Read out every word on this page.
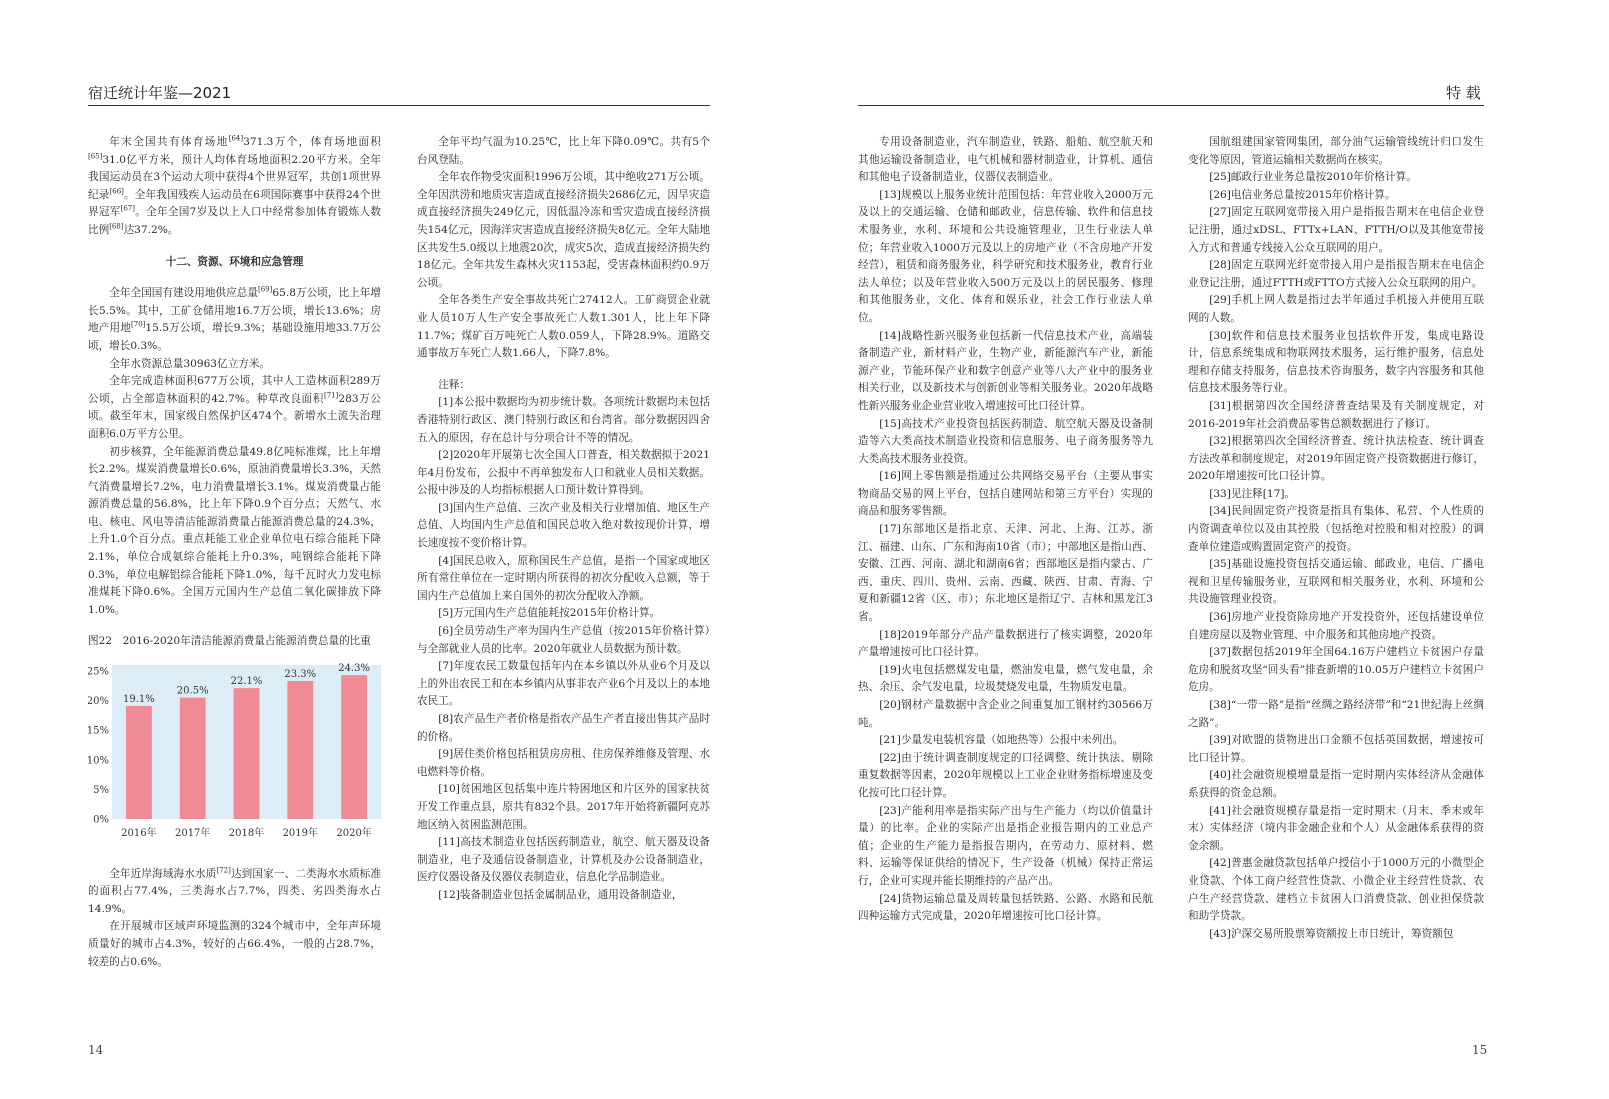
宿迁统计年鉴—2021	特 载

年末全国共有体育场地[64]371.3万个，体育场地面积[65]31.0亿平方米，预计人均体育场地面积2.20平方米。全年我国运动员在3个运动大项中获得4个世界冠军，共创1项世界纪录[66]。全年我国残疾人运动员在6项国际赛事中获得24个世界冠军[67]。全年全国7岁及以上人口中经常参加体育锻炼人数比例[68]达37.2%。

十二、资源、环境和应急管理

全年全国国有建设用地供应总量[69]65.8万公顷，比上年增长5.5%。其中，工矿仓储用地16.7万公顷，增长13.6%；房地产用地[70]15.5万公顷，增长9.3%；基础设施用地33.7万公顷，增长0.3%。

全年水资源总量30963亿立方米。

全年完成造林面积677万公顷，其中人工造林面积289万公顷，占全部造林面积的42.7%。种草改良面积[71]283万公顷。截至年末，国家级自然保护区474个。新增水土流失治理面积6.0万平方公里。

初步核算，全年能源消费总量49.8亿吨标准煤，比上年增长2.2%。煤炭消费量增长0.6%，原油消费量增长3.3%，天然气消费量增长7.2%，电力消费量增长3.1%。煤炭消费量占能源消费总量的56.8%，比上年下降0.9个百分点；天然气、水电、核电、风电等清洁能源消费量占能源消费总量的24.3%，上升1.0个百分点。重点耗能工业企业单位电石综合能耗下降2.1%，单位合成氨综合能耗上升0.3%，吨钢综合能耗下降0.3%，单位电解铝综合能耗下降1.0%，每千瓦时火力发电标准煤耗下降0.6%。全国万元国内生产总值二氧化碳排放下降1.0%。

图22　2016-2020年清洁能源消费量占能源消费总量的比重

0%
5%
10%
15%
20%
25%
19.1%
2016年
20.5%
2017年
22.1%
2018年
23.3%
2019年
24.3%
2020年

全年近岸海域海水水质[72]达到国家一、二类海水水质标准的面积占77.4%，三类海水占7.7%，四类、劣四类海水占14.9%。

在开展城市区域声环境监测的324个城市中，全年声环境质量好的城市占4.3%，较好的占66.4%，一般的占28.7%，较差的占0.6%。

全年平均气温为10.25℃，比上年下降0.09℃。共有5个台风登陆。

全年农作物受灾面积1996万公顷，其中绝收271万公顷。全年因洪涝和地质灾害造成直接经济损失2686亿元，因旱灾造成直接经济损失249亿元，因低温冷冻和雪灾造成直接经济损失154亿元，因海洋灾害造成直接经济损失8亿元。全年大陆地区共发生5.0级以上地震20次，成灾5次，造成直接经济损失约18亿元。全年共发生森林火灾1153起，受害森林面积约0.9万公顷。

全年各类生产安全事故共死亡27412人。工矿商贸企业就业人员10万人生产安全事故死亡人数1.301人，比上年下降11.7%；煤矿百万吨死亡人数0.059人，下降28.9%。道路交通事故万车死亡人数1.66人，下降7.8%。

注释：

[1]本公报中数据均为初步统计数。各项统计数据均未包括香港特别行政区、澳门特别行政区和台湾省。部分数据因四舍五入的原因，存在总计与分项合计不等的情况。

[2]2020年开展第七次全国人口普查，相关数据拟于2021年4月份发布，公报中不再单独发布人口和就业人员相关数据。公报中涉及的人均指标根据人口预计数计算得到。

[3]国内生产总值、三次产业及相关行业增加值、地区生产总值、人均国内生产总值和国民总收入绝对数按现价计算，增长速度按不变价格计算。

[4]国民总收入，原称国民生产总值，是指一个国家或地区所有常住单位在一定时期内所获得的初次分配收入总额，等于国内生产总值加上来自国外的初次分配收入净额。

[5]万元国内生产总值能耗按2015年价格计算。

[6]全员劳动生产率为国内生产总值（按2015年价格计算）与全部就业人员的比率。2020年就业人员数据为预计数。

[7]年度农民工数量包括年内在本乡镇以外从业6个月及以上的外出农民工和在本乡镇内从事非农产业6个月及以上的本地农民工。

[8]农产品生产者价格是指农产品生产者直接出售其产品时的价格。

[9]居住类价格包括租赁房房租、住房保养维修及管理、水电燃料等价格。

[10]贫困地区包括集中连片特困地区和片区外的国家扶贫开发工作重点县，原共有832个县。2017年开始将新疆阿克苏地区纳入贫困监测范围。

[11]高技术制造业包括医药制造业，航空、航天器及设备制造业，电子及通信设备制造业，计算机及办公设备制造业，医疗仪器设备及仪器仪表制造业，信息化学品制造业。

[12]装备制造业包括金属制品业，通用设备制造业，

专用设备制造业，汽车制造业，铁路、船舶、航空航天和其他运输设备制造业，电气机械和器材制造业，计算机、通信和其他电子设备制造业，仪器仪表制造业。

[13]规模以上服务业统计范围包括：年营业收入2000万元及以上的交通运输、仓储和邮政业，信息传输、软件和信息技术服务业，水利、环境和公共设施管理业，卫生行业法人单位；年营业收入1000万元及以上的房地产业（不含房地产开发经营），租赁和商务服务业，科学研究和技术服务业，教育行业法人单位；以及年营业收入500万元及以上的居民服务、修理和其他服务业，文化、体育和娱乐业，社会工作行业法人单位。

[14]战略性新兴服务业包括新一代信息技术产业，高端装备制造产业，新材料产业，生物产业，新能源汽车产业，新能源产业，节能环保产业和数字创意产业等八大产业中的服务业相关行业，以及新技术与创新创业等相关服务业。2020年战略性新兴服务业企业营业收入增速按可比口径计算。

[15]高技术产业投资包括医药制造、航空航天器及设备制造等六大类高技术制造业投资和信息服务、电子商务服务等九大类高技术服务业投资。

[16]网上零售额是指通过公共网络交易平台（主要从事实物商品交易的网上平台，包括自建网站和第三方平台）实现的商品和服务零售额。

[17]东部地区是指北京、天津、河北、上海、江苏、浙江、福建、山东、广东和海南10省（市）；中部地区是指山西、安徽、江西、河南、湖北和湖南6省；西部地区是指内蒙古、广西、重庆、四川、贵州、云南、西藏、陕西、甘肃、青海、宁夏和新疆12省（区、市）；东北地区是指辽宁、吉林和黑龙江3省。

[18]2019年部分产品产量数据进行了核实调整，2020年产量增速按可比口径计算。

[19]火电包括燃煤发电量，燃油发电量，燃气发电量，余热、余压、余气发电量，垃圾焚烧发电量，生物质发电量。

[20]钢材产量数据中含企业之间重复加工钢材约30566万吨。

[21]少量发电装机容量（如地热等）公报中未列出。

[22]由于统计调查制度规定的口径调整、统计执法、剔除重复数据等因素，2020年规模以上工业企业财务指标增速及变化按可比口径计算。

[23]产能利用率是指实际产出与生产能力（均以价值量计量）的比率。企业的实际产出是指企业报告期内的工业总产值；企业的生产能力是指报告期内，在劳动力、原材料、燃料、运输等保证供给的情况下，生产设备（机械）保持正常运行，企业可实现并能长期维持的产品产出。

[24]货物运输总量及周转量包括铁路、公路、水路和民航四种运输方式完成量，2020年增速按可比口径计算。

国航组建国家管网集团，部分油气运输管线统计归口发生变化等原因，管道运输相关数据尚在核实。

[25]邮政行业业务总量按2010年价格计算。

[26]电信业务总量按2015年价格计算。

[27]固定互联网宽带接入用户是指报告期末在电信企业登记注册，通过xDSL、FTTx+LAN、FTTH/O以及其他宽带接入方式和普通专线接入公众互联网的用户。

[28]固定互联网光纤宽带接入用户是指报告期末在电信企业登记注册，通过FTTH或FTTO方式接入公众互联网的用户。

[29]手机上网人数是指过去半年通过手机接入并使用互联网的人数。

[30]软件和信息技术服务业包括软件开发，集成电路设计，信息系统集成和物联网技术服务，运行维护服务，信息处理和存储支持服务，信息技术咨询服务，数字内容服务和其他信息技术服务等行业。

[31]根据第四次全国经济普查结果及有关制度规定，对2016-2019年社会消费品零售总额数据进行了修订。

[32]根据第四次全国经济普查、统计执法检查、统计调查方法改革和制度规定，对2019年固定资产投资数据进行修订，2020年增速按可比口径计算。

[33]见注释[17]。

[34]民间固定资产投资是指具有集体、私营、个人性质的内资调查单位以及由其控股（包括绝对控股和相对控股）的调查单位建造或购置固定资产的投资。

[35]基础设施投资包括交通运输、邮政业，电信、广播电视和卫星传输服务业，互联网和相关服务业，水利、环境和公共设施管理业投资。

[36]房地产业投资除房地产开发投资外，还包括建设单位自建房屋以及物业管理、中介服务和其他房地产投资。

[37]数据包括2019年全国64.16万户建档立卡贫困户存量危房和脱贫攻坚“回头看”排查新增的10.05万户建档立卡贫困户危房。

[38]“一带一路”是指“丝绸之路经济带”和“21世纪海上丝绸之路”。

[39]对欧盟的货物进出口金额不包括英国数据，增速按可比口径计算。

[40]社会融资规模增量是指一定时期内实体经济从金融体系获得的资金总额。

[41]社会融资规模存量是指一定时期末（月末、季末或年末）实体经济（境内非金融企业和个人）从金融体系获得的资金余额。

[42]普惠金融贷款包括单户授信小于1000万元的小微型企业贷款、个体工商户经营性贷款、小微企业主经营性贷款、农户生产经营贷款、建档立卡贫困人口消费贷款、创业担保贷款和助学贷款。

[43]沪深交易所股票筹资额按上市日统计，筹资额包

14	15
